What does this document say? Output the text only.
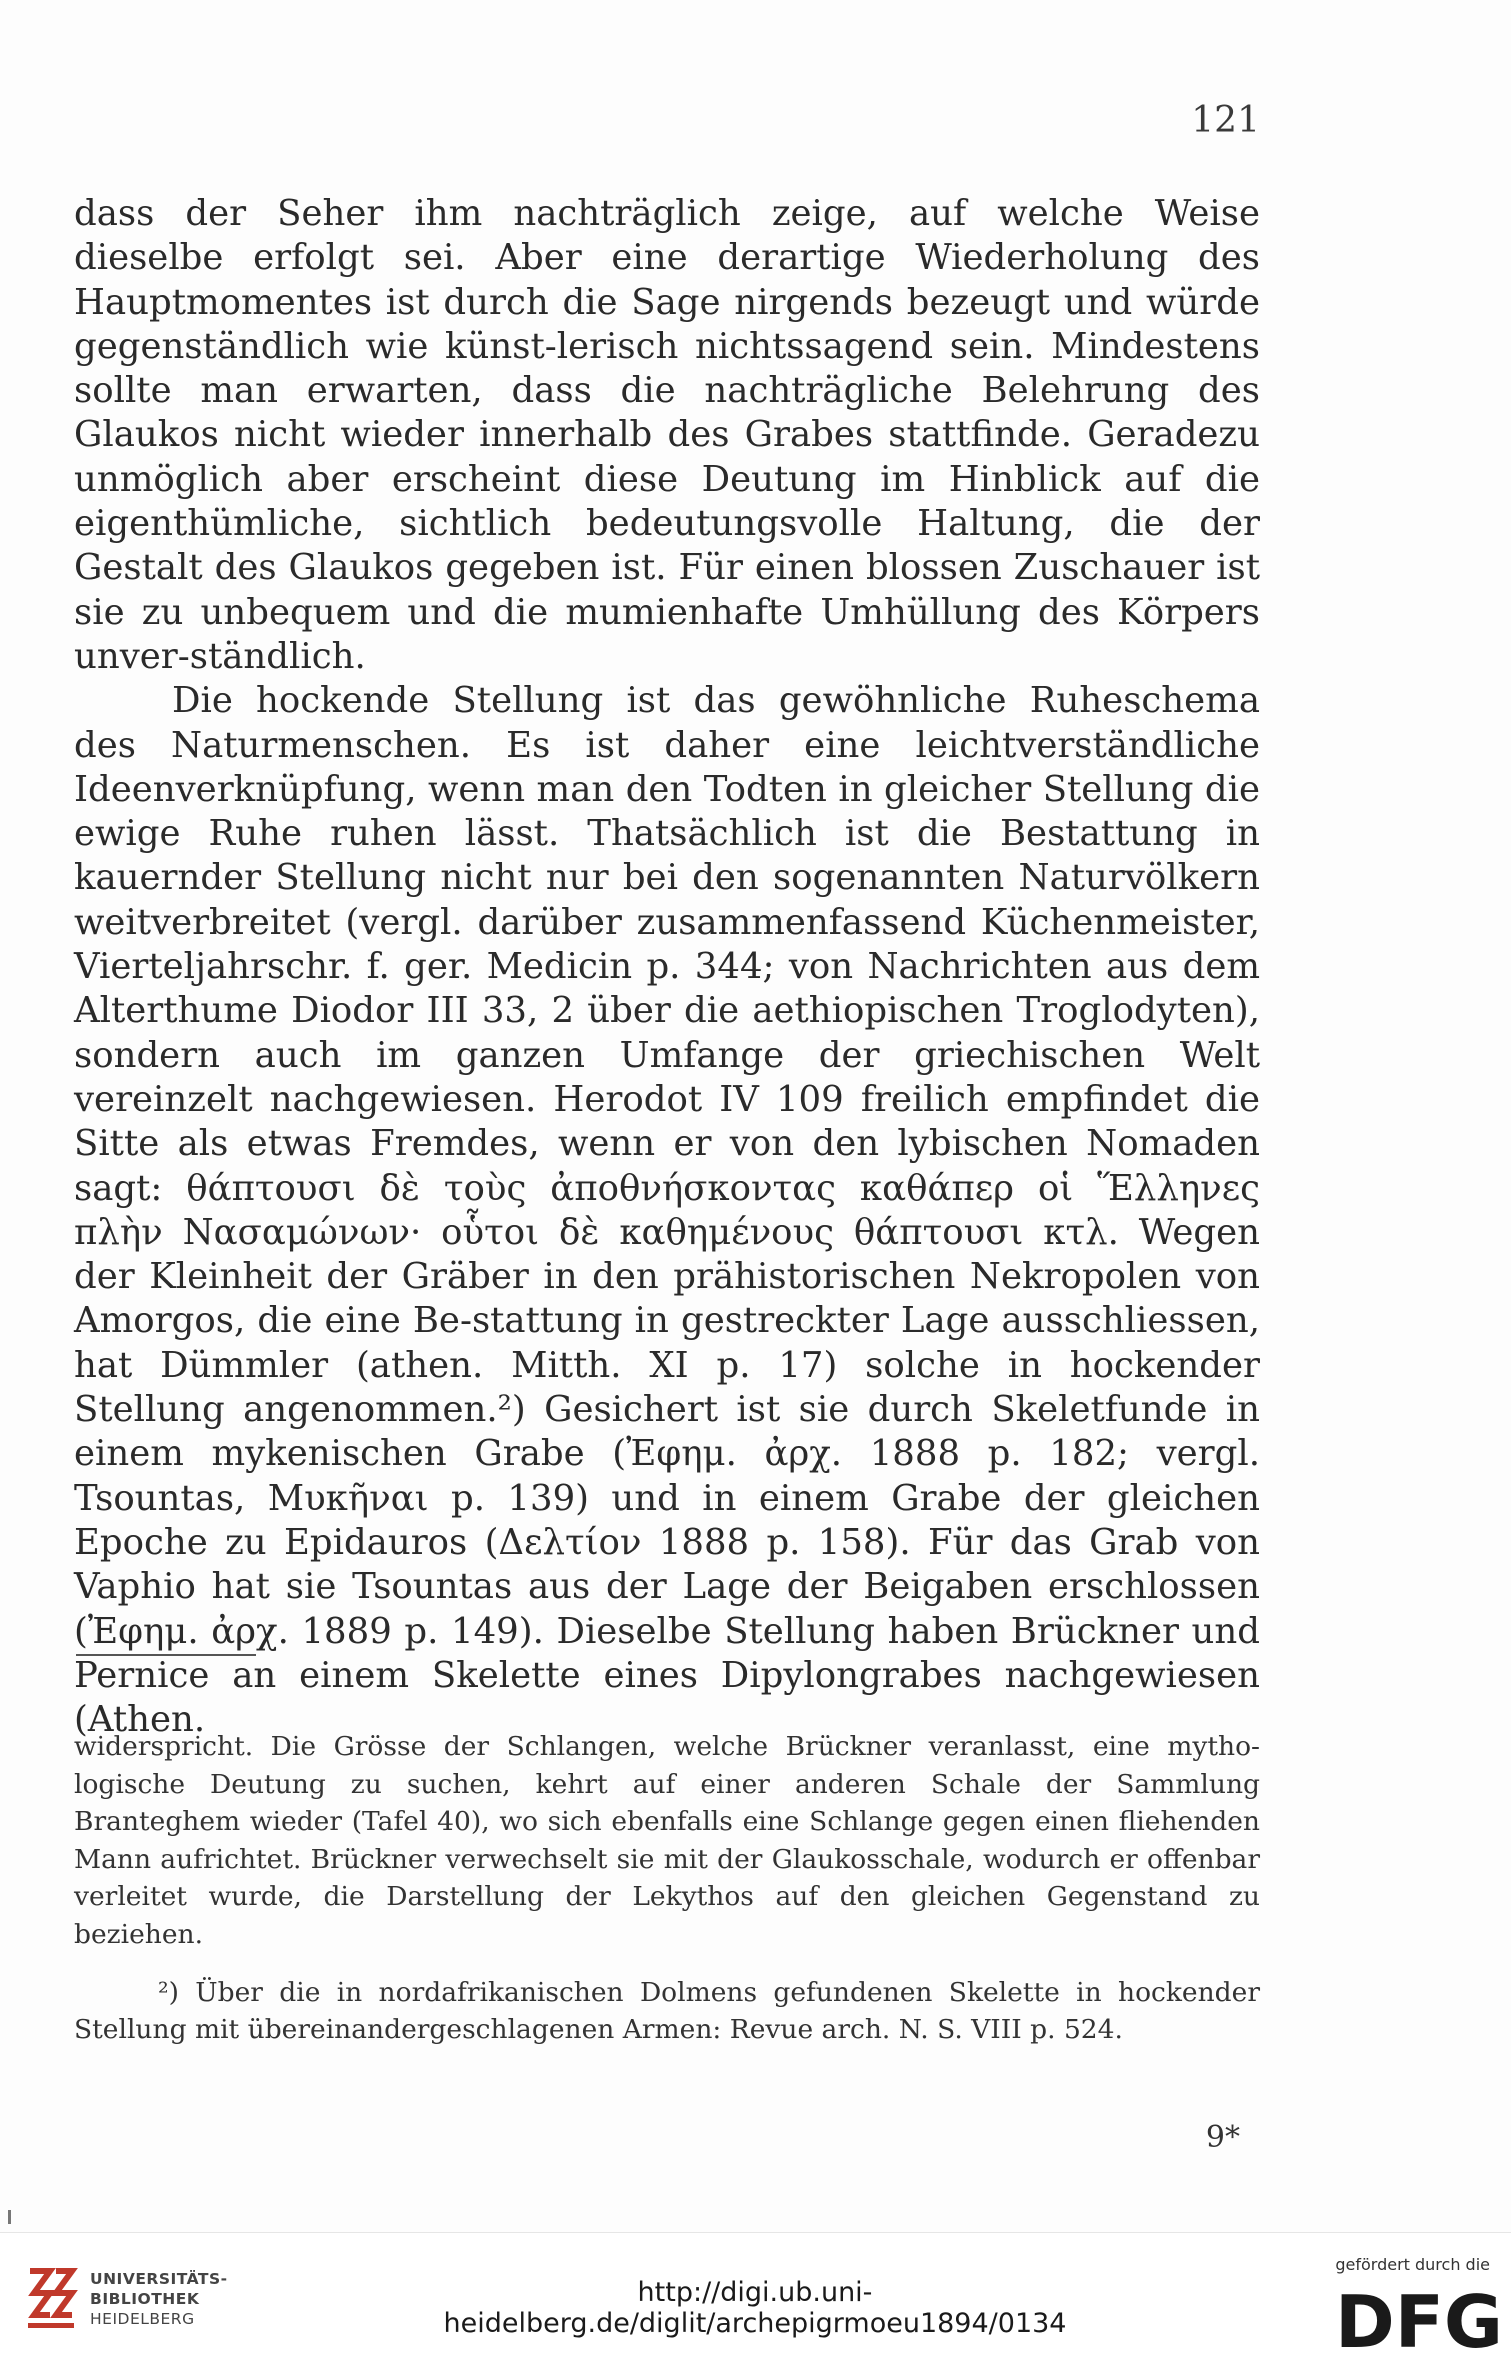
121

dass der Seher ihm nachträglich zeige, auf welche Weise dieselbe erfolgt sei. Aber eine derartige Wiederholung des Hauptmomentes ist durch die Sage nirgends bezeugt und würde gegenständlich wie künst-lerisch nichtssagend sein. Mindestens sollte man erwarten, dass die nachträgliche Belehrung des Glaukos nicht wieder innerhalb des Grabes stattfinde. Geradezu unmöglich aber erscheint diese Deutung im Hinblick auf die eigenthümliche, sichtlich bedeutungsvolle Haltung, die der Gestalt des Glaukos gegeben ist. Für einen blossen Zuschauer ist sie zu unbequem und die mumienhafte Umhüllung des Körpers unver-ständlich.

Die hockende Stellung ist das gewöhnliche Ruheschema des Naturmenschen. Es ist daher eine leichtverständliche Ideenverknüpfung, wenn man den Todten in gleicher Stellung die ewige Ruhe ruhen lässt. Thatsächlich ist die Bestattung in kauernder Stellung nicht nur bei den sogenannten Naturvölkern weitverbreitet (vergl. darüber zusammenfassend Küchenmeister, Vierteljahrschr. f. ger. Medicin p. 344; von Nachrichten aus dem Alterthume Diodor III 33, 2 über die aethiopischen Troglodyten), sondern auch im ganzen Umfange der griechischen Welt vereinzelt nachgewiesen. Herodot IV 109 freilich empfindet die Sitte als etwas Fremdes, wenn er von den lybischen Nomaden sagt: θάπτουσι δὲ τοὺς ἀποθνήσκοντας καθάπερ οἱ Ἕλληνες πλὴν Νασαμώνων· οὗτοι δὲ καθημένους θάπτουσι κτλ. Wegen der Kleinheit der Gräber in den prähistorischen Nekropolen von Amorgos, die eine Be-stattung in gestreckter Lage ausschliessen, hat Dümmler (athen. Mitth. XI p. 17) solche in hockender Stellung angenommen.²) Gesichert ist sie durch Skeletfunde in einem mykenischen Grabe (Ἐφημ. ἀρχ. 1888 p. 182; vergl. Tsountas, Μυκῆναι p. 139) und in einem Grabe der gleichen Epoche zu Epidauros (Δελτίον 1888 p. 158). Für das Grab von Vaphio hat sie Tsountas aus der Lage der Beigaben erschlossen (Ἐφημ. ἀρχ. 1889 p. 149). Dieselbe Stellung haben Brückner und Pernice an einem Skelette eines Dipylongrabes nachgewiesen (Athen.

widerspricht. Die Grösse der Schlangen, welche Brückner veranlasst, eine mytho-logische Deutung zu suchen, kehrt auf einer anderen Schale der Sammlung Branteghem wieder (Tafel 40), wo sich ebenfalls eine Schlange gegen einen fliehenden Mann aufrichtet. Brückner verwechselt sie mit der Glaukosschale, wodurch er offenbar verleitet wurde, die Darstellung der Lekythos auf den gleichen Gegenstand zu beziehen.

²) Über die in nordafrikanischen Dolmens gefundenen Skelette in hockender Stellung mit übereinandergeschlagenen Armen: Revue arch. N. S. VIII p. 524.

9*
UNIVERSITÄTS-
BIBLIOTHEK
HEIDELBERG
http://digi.ub.uni-heidelberg.de/diglit/archepigrmoeu1894/0134
gefördert durch die
DFG
